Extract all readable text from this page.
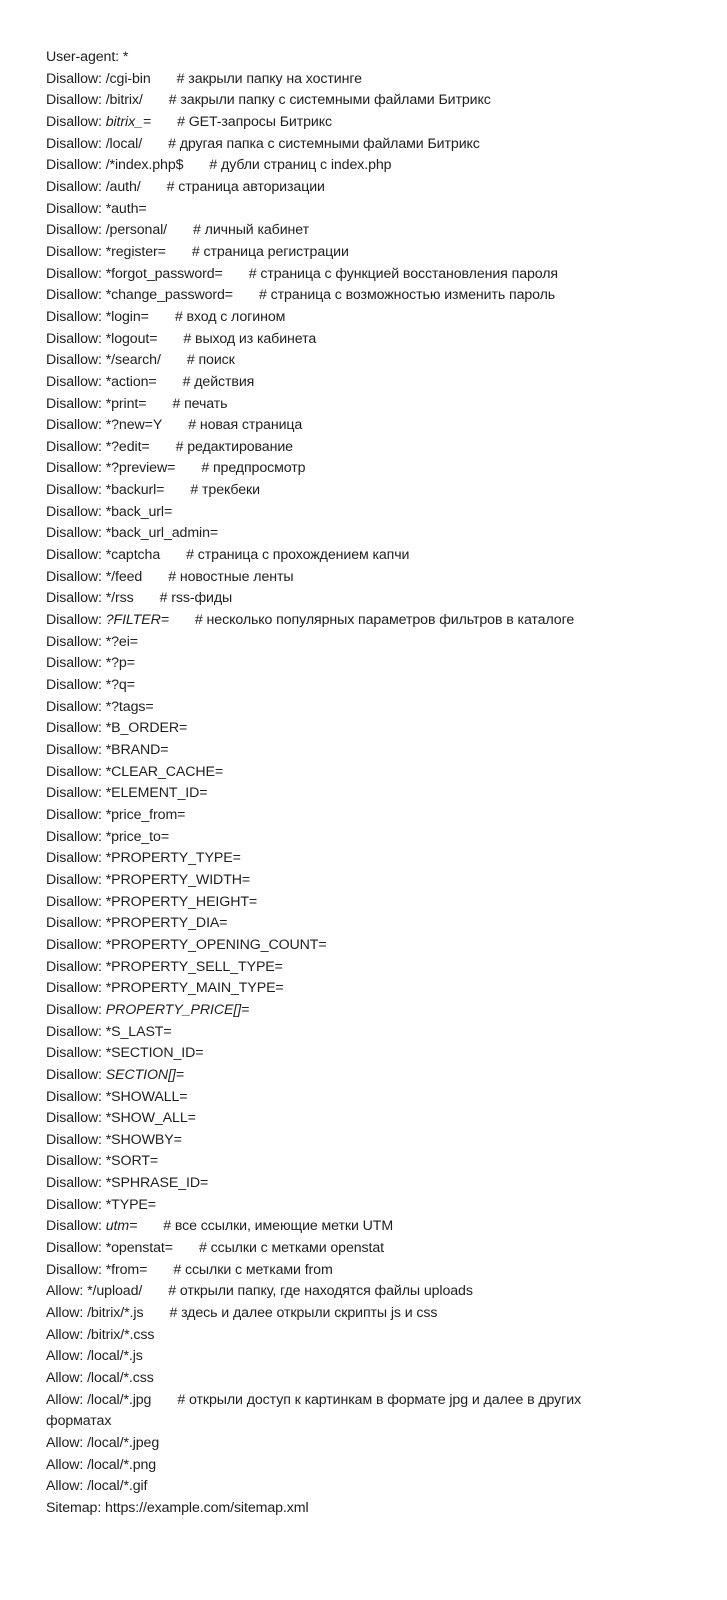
User-agent: *
Disallow: /cgi-bin # закрыли папку на хостинге
Disallow: /bitrix/ # закрыли папку с системными файлами Битрикс
Disallow: bitrix_= # GET-запросы Битрикс
Disallow: /local/ # другая папка с системными файлами Битрикс
Disallow: /*index.php$ # дубли страниц с index.php
Disallow: /auth/ # страница авторизации
Disallow: *auth=
Disallow: /personal/ # личный кабинет
Disallow: *register= # страница регистрации
Disallow: *forgot_password= # страница с функцией восстановления пароля
Disallow: *change_password= # страница с возможностью изменить пароль
Disallow: *login= # вход с логином
Disallow: *logout= # выход из кабинета
Disallow: */search/ # поиск
Disallow: *action= # действия
Disallow: *print= # печать
Disallow: *?new=Y # новая страница
Disallow: *?edit= # редактирование
Disallow: *?preview= # предпросмотр
Disallow: *backurl= # трекбеки
Disallow: *back_url=
Disallow: *back_url_admin=
Disallow: *captcha # страница с прохождением капчи
Disallow: */feed # новостные ленты
Disallow: */rss # rss-фиды
Disallow: ?FILTER= # несколько популярных параметров фильтров в каталоге
Disallow: *?ei=
Disallow: *?p=
Disallow: *?q=
Disallow: *?tags=
Disallow: *B_ORDER=
Disallow: *BRAND=
Disallow: *CLEAR_CACHE=
Disallow: *ELEMENT_ID=
Disallow: *price_from=
Disallow: *price_to=
Disallow: *PROPERTY_TYPE=
Disallow: *PROPERTY_WIDTH=
Disallow: *PROPERTY_HEIGHT=
Disallow: *PROPERTY_DIA=
Disallow: *PROPERTY_OPENING_COUNT=
Disallow: *PROPERTY_SELL_TYPE=
Disallow: *PROPERTY_MAIN_TYPE=
Disallow: PROPERTY_PRICE[]=
Disallow: *S_LAST=
Disallow: *SECTION_ID=
Disallow: SECTION[]=
Disallow: *SHOWALL=
Disallow: *SHOW_ALL=
Disallow: *SHOWBY=
Disallow: *SORT=
Disallow: *SPHRASE_ID=
Disallow: *TYPE=
Disallow: utm= # все ссылки, имеющие метки UTM
Disallow: *openstat= # ссылки с метками openstat
Disallow: *from= # ссылки с метками from
Allow: */upload/ # открыли папку, где находятся файлы uploads
Allow: /bitrix/*.js # здесь и далее открыли скрипты js и css
Allow: /bitrix/*.css
Allow: /local/*.js
Allow: /local/*.css
Allow: /local/*.jpg # открыли доступ к картинкам в формате jpg и далее в других форматах
Allow: /local/*.jpeg
Allow: /local/*.png
Allow: /local/*.gif
Sitemap: https://example.com/sitemap.xml
